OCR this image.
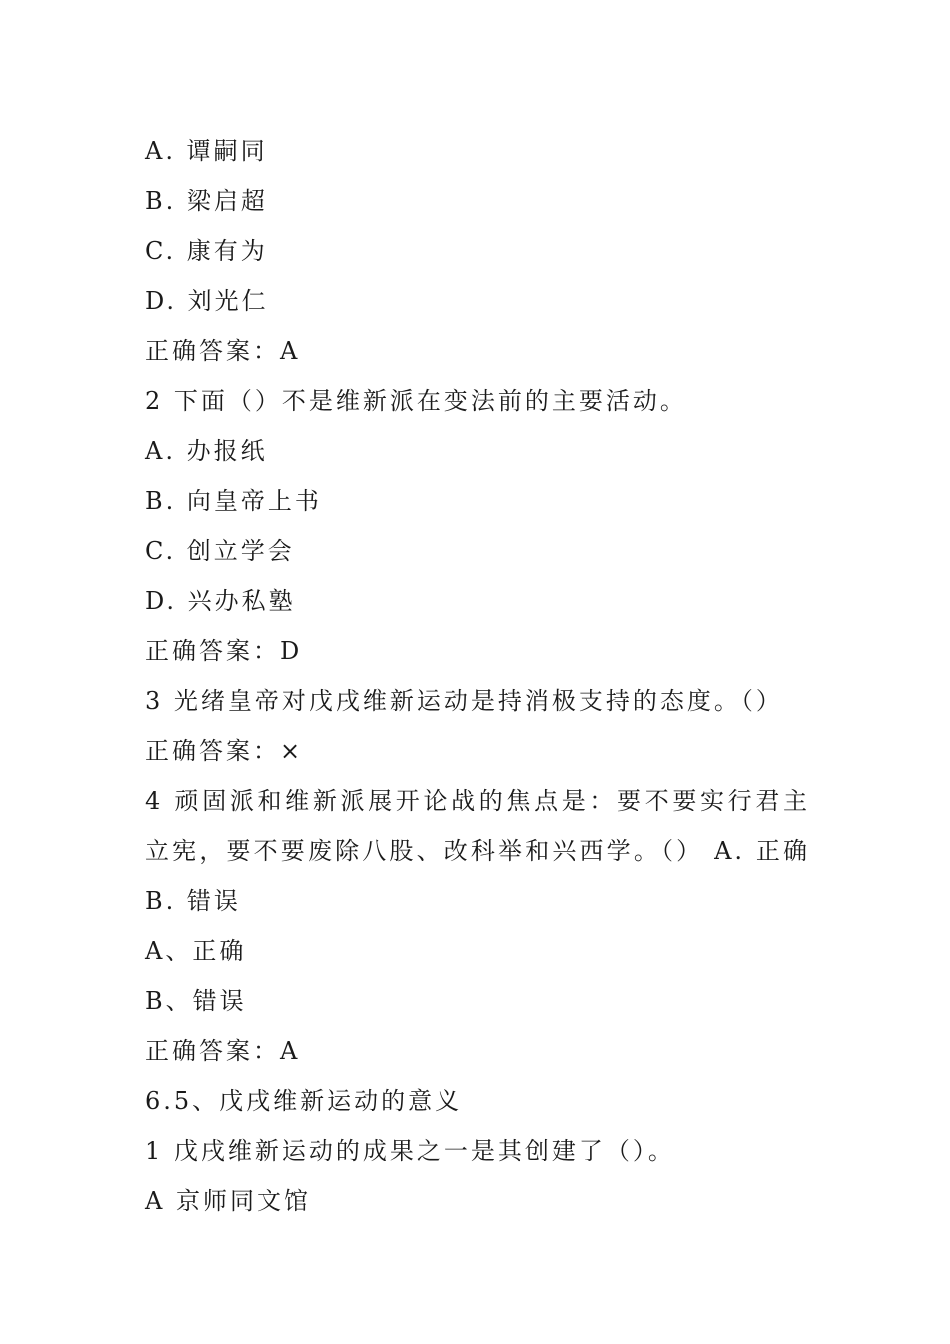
A. 谭嗣同
B. 梁启超
C. 康有为
D. 刘光仁
正确答案：A
2 下面（）不是维新派在变法前的主要活动。
A. 办报纸
B. 向皇帝上书
C. 创立学会
D. 兴办私塾
正确答案：D
3 光绪皇帝对戊戌维新运动是持消极支持的态度。（）
正确答案：×
4 顽固派和维新派展开论战的焦点是：要不要实行君主立宪，要不要废除八股、改科举和兴西学。（） A. 正确 B. 错误
A、正确
B、错误
正确答案：A
6.5、戊戌维新运动的意义
1 戊戌维新运动的成果之一是其创建了（）。
A 京师同文馆
